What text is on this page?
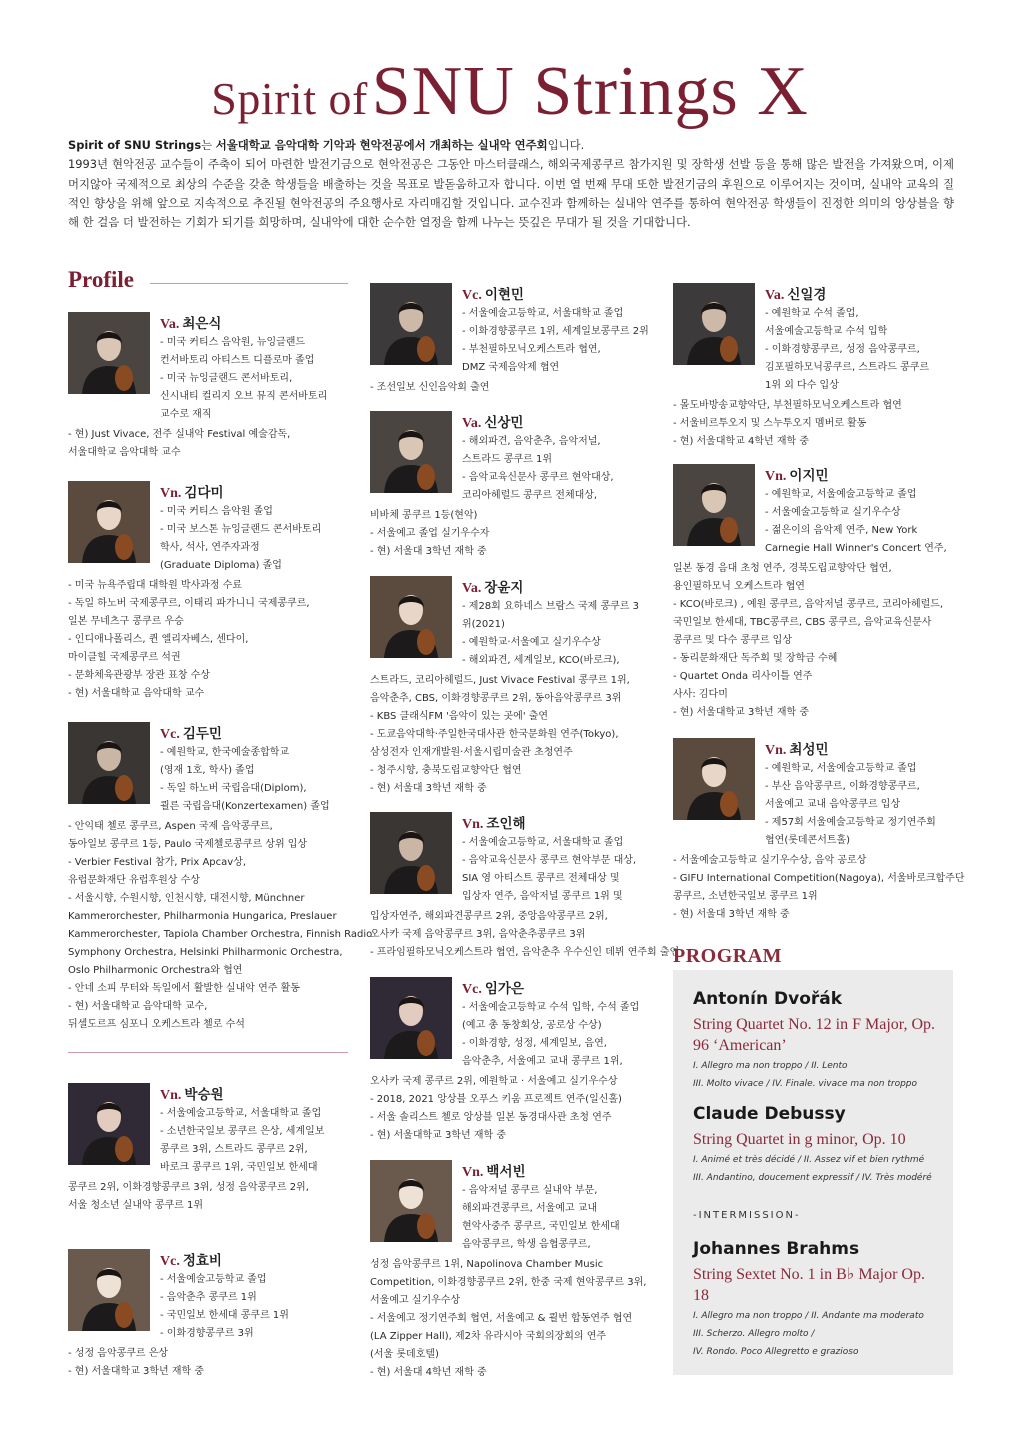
Spirit of SNU Strings X

Spirit of SNU Strings는 서울대학교 음악대학 기악과 현악전공에서 개최하는 실내악 연주회입니다.

1993년 현악전공 교수들이 주축이 되어 마련한 발전기금으로 현악전공은 그동안 마스터클래스, 해외국제콩쿠르 참가지원 및 장학생 선발 등을 통해 많은 발전을 가져왔으며, 이제 머지않아 국제적으로 최상의 수준을 갖춘 학생들을 배출하는 것을 목표로 발돋움하고자 합니다. 이번 열 번째 무대 또한 발전기금의 후원으로 이루어지는 것이며, 실내악 교육의 질적인 향상을 위해 앞으로 지속적으로 추진될 현악전공의 주요행사로 자리매김할 것입니다. 교수진과 함께하는 실내악 연주를 통하여 현악전공 학생들이 진정한 의미의 앙상블을 향해 한 걸음 더 발전하는 기회가 되기를 희망하며, 실내악에 대한 순수한 열정을 함께 나누는 뜻깊은 무대가 될 것을 기대합니다.

Profile
Va. 최은식
- 미국 커티스 음악원, 뉴잉글랜드
컨서바토리 아티스트 디플로마 졸업
- 미국 뉴잉글랜드 콘서바토리,
신시내티 컬리지 오브 뮤직 콘서바토리
교수로 재직
- 현) Just Vivace, 전주 실내악 Festival 예술감독,
서울대학교 음악대학 교수
Vn. 김다미
- 미국 커티스 음악원 졸업
- 미국 보스톤 뉴잉글랜드 콘서바토리
학사, 석사, 연주자과정
(Graduate Diploma) 졸업
- 미국 뉴욕주립대 대학원 박사과정 수료
- 독일 하노버 국제콩쿠르, 이태리 파가니니 국제콩쿠르,
일본 무네츠구 콩쿠르 우승
- 인디애나폴리스, 퀸 엘리자베스, 센다이,
마이클힐 국제콩쿠르 석권
- 문화체육관광부 장관 표창 수상
- 현) 서울대학교 음악대학 교수
Vc. 김두민
- 예원학교, 한국예술종합학교
(영재 1호, 학사) 졸업
- 독일 하노버 국립음대(Diplom),
쾰른 국립음대(Konzertexamen) 졸업
- 안익태 첼로 콩쿠르, Aspen 국제 음악콩쿠르,
동아일보 콩쿠르 1등, Paulo 국제첼로콩쿠르 상위 입상
- Verbier Festival 참가, Prix Apcav상,
유럽문화재단 유럽후원상 수상
- 서울시향, 수원시향, 인천시향, 대전시향, Münchner
Kammerorchester, Philharmonia Hungarica, Preslauer
Kammerorchester, Tapiola Chamber Orchestra, Finnish Radio
Symphony Orchestra, Helsinki Philharmonic Orchestra,
Oslo Philharmonic Orchestra와 협연
- 안네 소피 무터와 독일에서 활발한 실내악 연주 활동
- 현) 서울대학교 음악대학 교수,
뒤셀도르프 심포니 오케스트라 첼로 수석
Vn. 박승원
- 서울예술고등학교, 서울대학교 졸업
- 소년한국일보 콩쿠르 은상, 세계일보
콩쿠르 3위, 스트라드 콩쿠르 2위,
바로크 콩쿠르 1위, 국민일보 한세대
콩쿠르 2위, 이화경향콩쿠르 3위, 성정 음악콩쿠르 2위,
서울 청소년 실내악 콩쿠르 1위
Vc. 정효비
- 서울예술고등학교 졸업
- 음악춘추 콩쿠르 1위
- 국민일보 한세대 콩쿠르 1위
- 이화경향콩쿠르 3위
- 성정 음악콩쿠르 은상
- 현) 서울대학교 3학년 재학 중
Vc. 이현민
- 서울예술고등학교, 서울대학교 졸업
- 이화경향콩쿠르 1위, 세계일보콩쿠르 2위
- 부천필하모닉오케스트라 협연,
DMZ 국제음악제 협연
- 조선일보 신인음악회 출연
Va. 신상민
- 해외파견, 음악춘추, 음악저널,
스트라드 콩쿠르 1위
- 음악교육신문사 콩쿠르 현악대상,
코리아헤럴드 콩쿠르 전체대상,
비바체 콩쿠르 1등(현악)
- 서울예고 졸업 실기우수자
- 현) 서울대 3학년 재학 중
Va. 장윤지
- 제28회 요하네스 브람스 국제 콩쿠르 3
위(2021)
- 예원학교·서울예고 실기우수상
- 해외파견, 세계일보, KCO(바로크),
스트라드, 코리아헤럴드, Just Vivace Festival 콩쿠르 1위,
음악춘추, CBS, 이화경향콩쿠르 2위, 동아음악콩쿠르 3위
- KBS 클래식FM '음악이 있는 곳에' 출연
- 도쿄음악대학·주일한국대사관 한국문화원 연주(Tokyo),
삼성전자 인재개발원·서울시립미술관 초청연주
- 청주시향, 충북도립교향악단 협연
- 현) 서울대 3학년 재학 중
Vn. 조인해
- 서울예술고등학교, 서울대학교 졸업
- 음악교육신문사 콩쿠르 현악부문 대상,
SIA 영 아티스트 콩쿠르 전체대상 및
입상자 연주, 음악저널 콩쿠르 1위 및
입상자연주, 해외파견콩쿠르 2위, 중앙음악콩쿠르 2위,
오사카 국제 음악콩쿠르 3위, 음악춘추콩쿠르 3위
- 프라임필하모닉오케스트라 협연, 음악춘추 우수신인 데뷔 연주회 출연
Vc. 임가은
- 서울예술고등학교 수석 입학, 수석 졸업
(예고 총 동창회상, 공로상 수상)
- 이화경향, 성정, 세계일보, 음연,
음악춘추, 서울예고 교내 콩쿠르 1위,
오사카 국제 콩쿠르 2위, 예원학교 · 서울예고 실기우수상
- 2018, 2021 앙상블 오푸스 키움 프로젝트 연주(일신홀)
- 서울 솔리스트 첼로 앙상블 일본 동경대사관 초청 연주
- 현) 서울대학교 3학년 재학 중
Vn. 백서빈
- 음악저널 콩쿠르 실내악 부문,
해외파견콩쿠르, 서울예고 교내
현악사중주 콩쿠르, 국민일보 한세대
음악콩쿠르, 학생 음협콩쿠르,
성정 음악콩쿠르 1위, Napolinova Chamber Music
Competition, 이화경향콩쿠르 2위, 한중 국제 현악콩쿠르 3위,
서울예고 실기우수상
- 서울예고 정기연주회 협연, 서울예고 & 쾰번 합동연주 협연
(LA Zipper Hall), 제2차 유라시아 국회의장회의 연주
(서울 롯데호텔)
- 현) 서울대 4학년 재학 중
Va. 신일경
- 예원학교 수석 졸업,
서울예술고등학교 수석 입학
- 이화경향콩쿠르, 성정 음악콩쿠르,
김포필하모닉콩쿠르, 스트라드 콩쿠르
1위 외 다수 입상
- 몰도바방송교향악단, 부천필하모닉오케스트라 협연
- 서울비르투오지 및 스누투오지 멤버로 활동
- 현) 서울대학교 4학년 재학 중
Vn. 이지민
- 예원학교, 서울예술고등학교 졸업
- 서울예술고등학교 실기우수상
- 젊은이의 음악제 연주, New York
Carnegie Hall Winner's Concert 연주,
일본 동경 음대 초청 연주, 경북도립교향악단 협연,
용인필하모닉 오케스트라 협연
- KCO(바로크) , 예원 콩쿠르, 음악저널 콩쿠르, 코리아헤럴드,
국민일보 한세대, TBC콩쿠르, CBS 콩쿠르, 음악교육신문사
콩쿠르 및 다수 콩쿠르 입상
- 동리문화재단 독주회 및 장학금 수혜
- Quartet Onda 리사이틀 연주
사사: 김다미
- 현) 서울대학교 3학년 재학 중
Vn. 최성민
- 예원학교, 서울예술고등학교 졸업
- 부산 음악콩쿠르, 이화경향콩쿠르,
서울예고 교내 음악콩쿠르 입상
- 제57회 서울예술고등학교 정기연주회
협연(롯데콘서트홀)
- 서울예술고등학교 실기우수상, 음악 공로상
- GIFU International Competition(Nagoya), 서울바로크합주단
콩쿠르, 소년한국일보 콩쿠르 1위
- 현) 서울대 3학년 재학 중
PROGRAM
-INTERMISSION-
Antonín Dvořák
String Quartet No. 12 in F Major, Op. 96 ‘American’
I. Allegro ma non troppo / II. Lento
III. Molto vivace / IV. Finale. vivace ma non troppo
Claude Debussy
String Quartet in g minor, Op. 10
I. Animé et très décidé / II. Assez vif et bien rythmé
III. Andantino, doucement expressif / IV. Très modéré
Johannes Brahms
String Sextet No. 1 in B♭ Major Op. 18
I. Allegro ma non troppo / II. Andante ma moderato
III. Scherzo. Allegro molto /
IV. Rondo. Poco Allegretto e grazioso
